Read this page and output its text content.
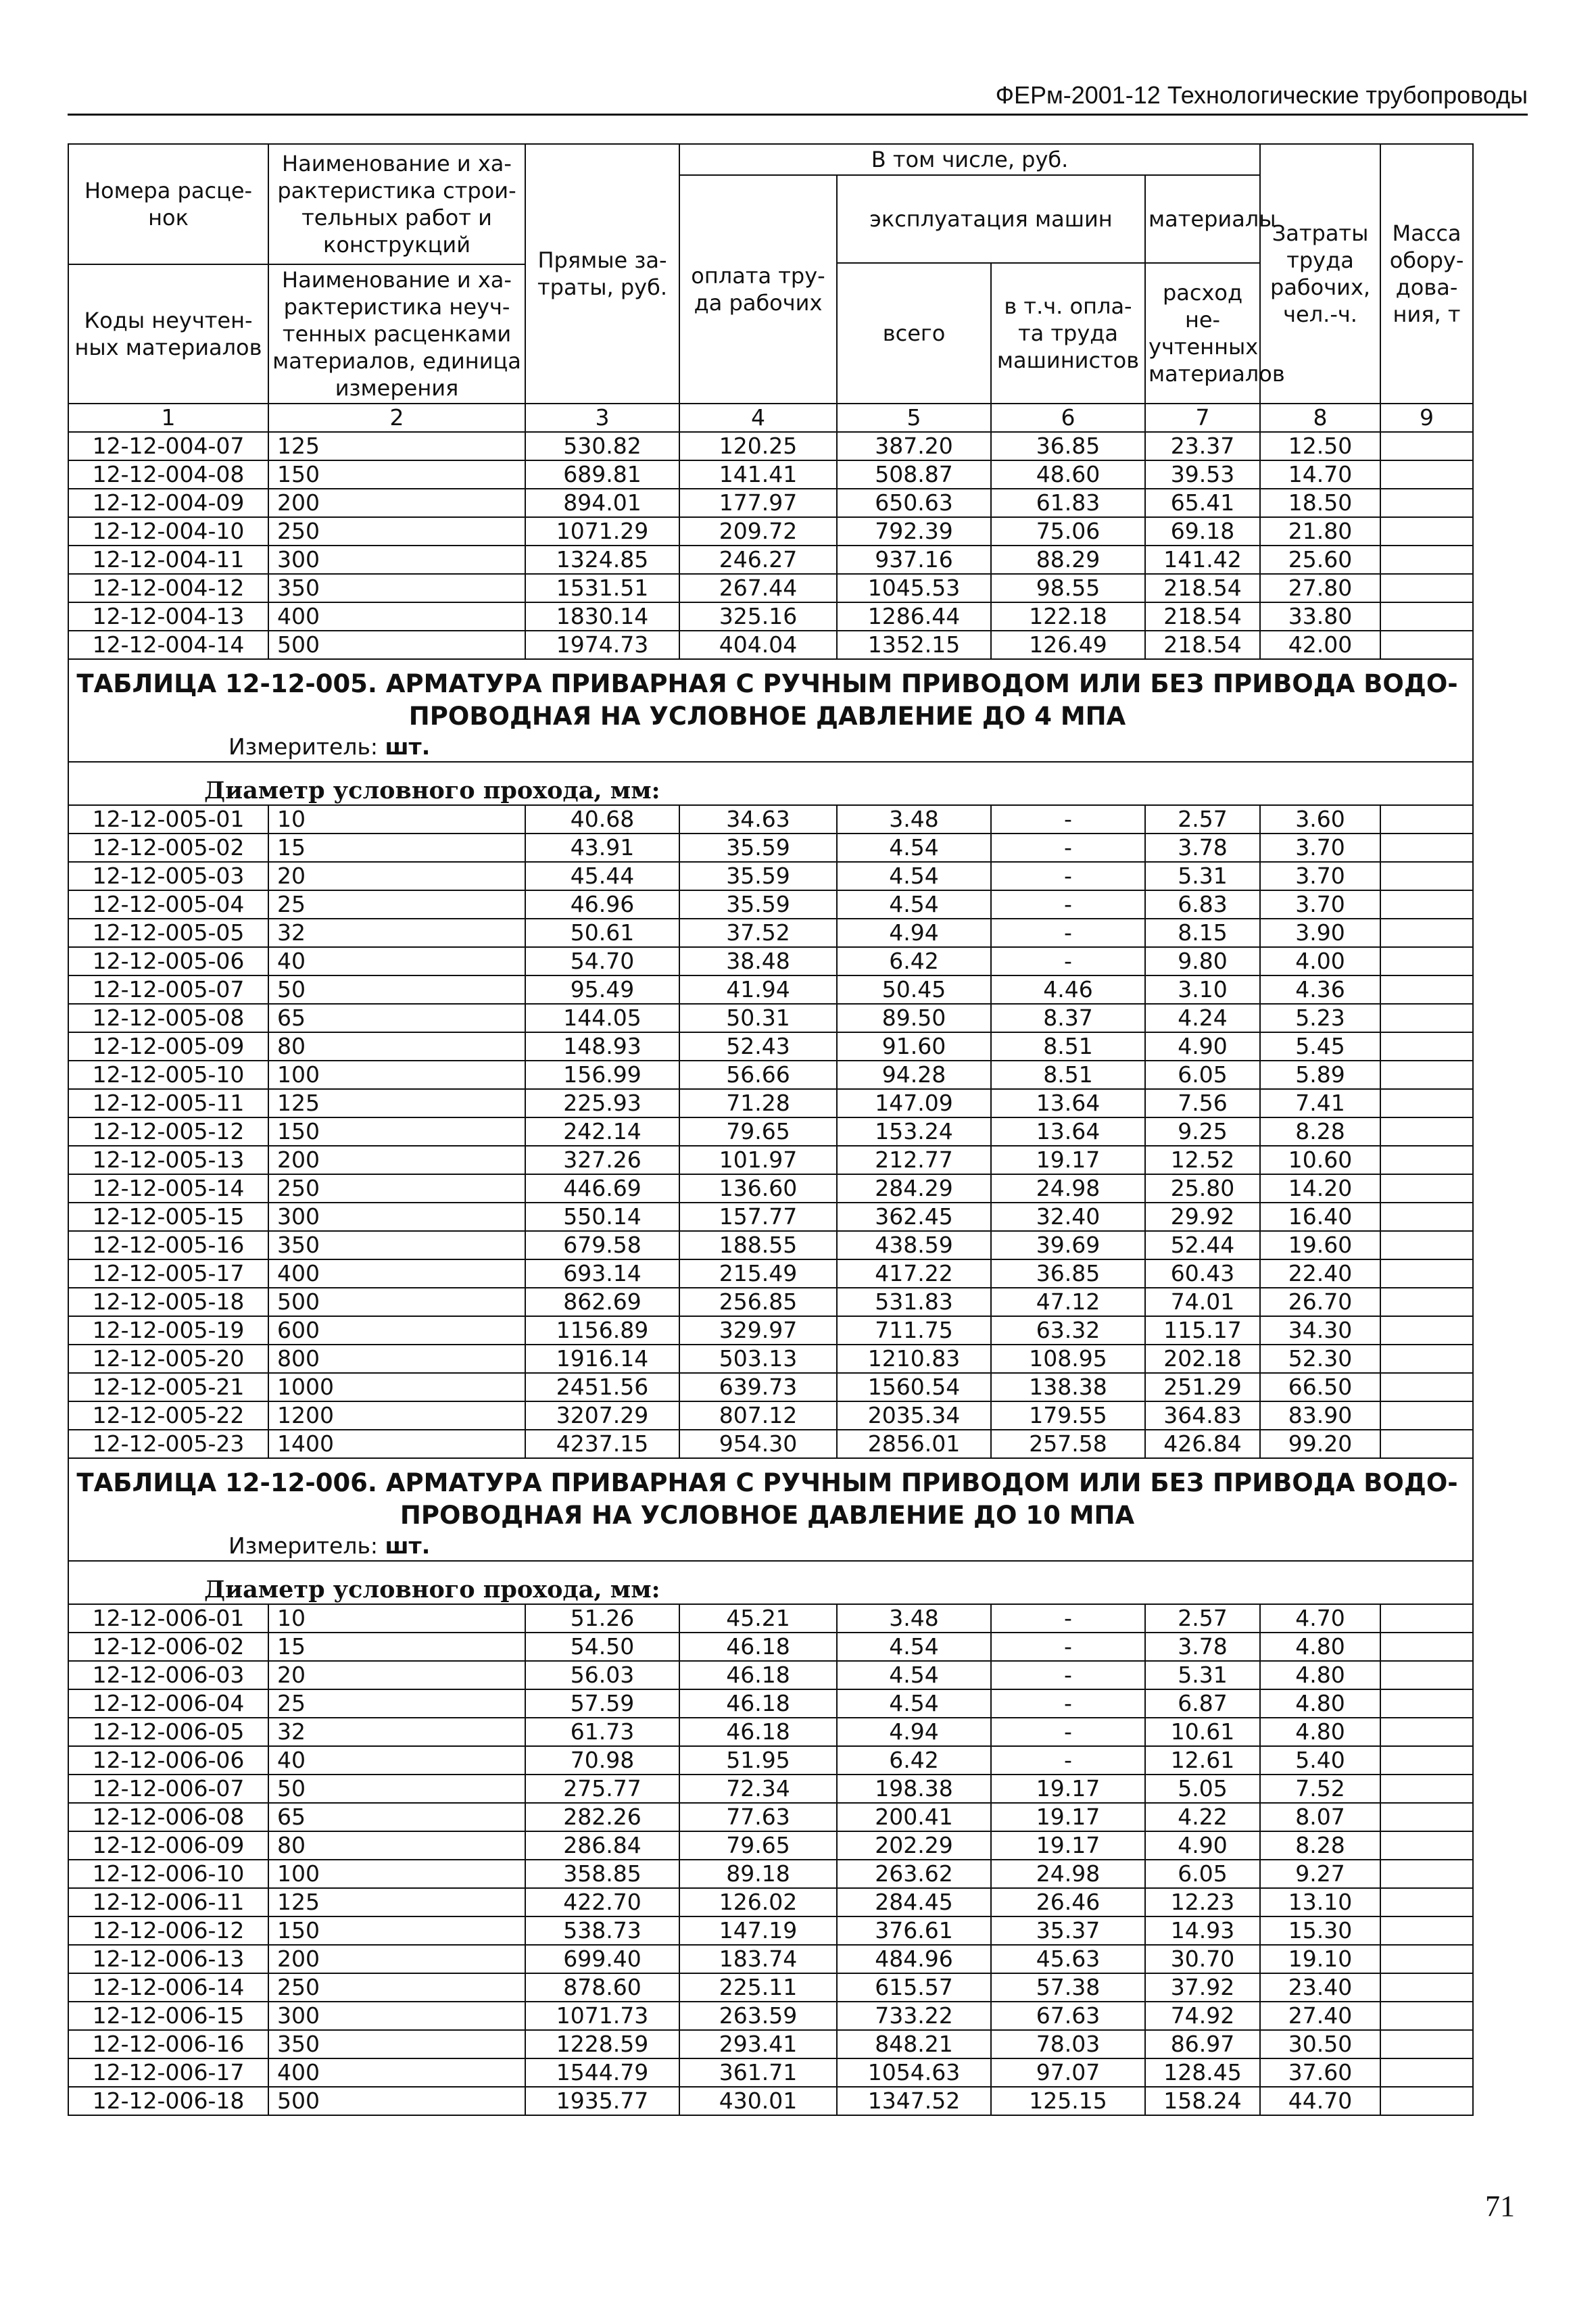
ФЕРм-2001-12 Технологические трубопроводы
Номера расце-нок	Наименование и ха-рактеристика строи-тельных работ и конструкций	Прямые за-траты, руб.	В том числе, руб.				Затраты труда рабочих, чел.-ч.	Масса обору-дова-ния, т
			оплата тру-да рабочих	эксплуатация машин		материалы		
				всего	в т.ч. опла-та труда машинистов	расход не-учтенных материалов		
Коды неучтен-ных материалов	Наименование и ха-рактеристика неуч-тенных расценками материалов, единица измерения							

1	2	3	4	5	6	7	8	9
12-12-004-07	125	530.82	120.25	387.20	36.85	23.37	12.50	
12-12-004-08	150	689.81	141.41	508.87	48.60	39.53	14.70	
12-12-004-09	200	894.01	177.97	650.63	61.83	65.41	18.50	
12-12-004-10	250	1071.29	209.72	792.39	75.06	69.18	21.80	
12-12-004-11	300	1324.85	246.27	937.16	88.29	141.42	25.60	
12-12-004-12	350	1531.51	267.44	1045.53	98.55	218.54	27.80	
12-12-004-13	400	1830.14	325.16	1286.44	122.18	218.54	33.80	
12-12-004-14	500	1974.73	404.04	1352.15	126.49	218.54	42.00	

ТАБЛИЦА 12-12-005. АРМАТУРА ПРИВАРНАЯ С РУЧНЫМ ПРИВОДОМ ИЛИ БЕЗ ПРИВОДА ВОДО-
ПРОВОДНАЯ НА УСЛОВНОЕ ДАВЛЕНИЕ ДО 4 МПА								

Измеритель: шт.								
Диаметр условного прохода, мм:								
12-12-005-01	10	40.68	34.63	3.48	-	2.57	3.60	
12-12-005-02	15	43.91	35.59	4.54	-	3.78	3.70	
12-12-005-03	20	45.44	35.59	4.54	-	5.31	3.70	
12-12-005-04	25	46.96	35.59	4.54	-	6.83	3.70	
12-12-005-05	32	50.61	37.52	4.94	-	8.15	3.90	
12-12-005-06	40	54.70	38.48	6.42	-	9.80	4.00	
12-12-005-07	50	95.49	41.94	50.45	4.46	3.10	4.36	
12-12-005-08	65	144.05	50.31	89.50	8.37	4.24	5.23	
12-12-005-09	80	148.93	52.43	91.60	8.51	4.90	5.45	
12-12-005-10	100	156.99	56.66	94.28	8.51	6.05	5.89	
12-12-005-11	125	225.93	71.28	147.09	13.64	7.56	7.41	
12-12-005-12	150	242.14	79.65	153.24	13.64	9.25	8.28	
12-12-005-13	200	327.26	101.97	212.77	19.17	12.52	10.60	
12-12-005-14	250	446.69	136.60	284.29	24.98	25.80	14.20	
12-12-005-15	300	550.14	157.77	362.45	32.40	29.92	16.40	
12-12-005-16	350	679.58	188.55	438.59	39.69	52.44	19.60	
12-12-005-17	400	693.14	215.49	417.22	36.85	60.43	22.40	
12-12-005-18	500	862.69	256.85	531.83	47.12	74.01	26.70	
12-12-005-19	600	1156.89	329.97	711.75	63.32	115.17	34.30	
12-12-005-20	800	1916.14	503.13	1210.83	108.95	202.18	52.30	
12-12-005-21	1000	2451.56	639.73	1560.54	138.38	251.29	66.50	
12-12-005-22	1200	3207.29	807.12	2035.34	179.55	364.83	83.90	
12-12-005-23	1400	4237.15	954.30	2856.01	257.58	426.84	99.20	

ТАБЛИЦА 12-12-006. АРМАТУРА ПРИВАРНАЯ С РУЧНЫМ ПРИВОДОМ ИЛИ БЕЗ ПРИВОДА ВОДО-
ПРОВОДНАЯ НА УСЛОВНОЕ ДАВЛЕНИЕ ДО 10 МПА								

Измеритель: шт.								
Диаметр условного прохода, мм:								
12-12-006-01	10	51.26	45.21	3.48	-	2.57	4.70	
12-12-006-02	15	54.50	46.18	4.54	-	3.78	4.80	
12-12-006-03	20	56.03	46.18	4.54	-	5.31	4.80	
12-12-006-04	25	57.59	46.18	4.54	-	6.87	4.80	
12-12-006-05	32	61.73	46.18	4.94	-	10.61	4.80	
12-12-006-06	40	70.98	51.95	6.42	-	12.61	5.40	
12-12-006-07	50	275.77	72.34	198.38	19.17	5.05	7.52	
12-12-006-08	65	282.26	77.63	200.41	19.17	4.22	8.07	
12-12-006-09	80	286.84	79.65	202.29	19.17	4.90	8.28	
12-12-006-10	100	358.85	89.18	263.62	24.98	6.05	9.27	
12-12-006-11	125	422.70	126.02	284.45	26.46	12.23	13.10	
12-12-006-12	150	538.73	147.19	376.61	35.37	14.93	15.30	
12-12-006-13	200	699.40	183.74	484.96	45.63	30.70	19.10	
12-12-006-14	250	878.60	225.11	615.57	57.38	37.92	23.40	
12-12-006-15	300	1071.73	263.59	733.22	67.63	74.92	27.40	
12-12-006-16	350	1228.59	293.41	848.21	78.03	86.97	30.50	
12-12-006-17	400	1544.79	361.71	1054.63	97.07	128.45	37.60	
12-12-006-18	500	1935.77	430.01	1347.52	125.15	158.24	44.70	
71
